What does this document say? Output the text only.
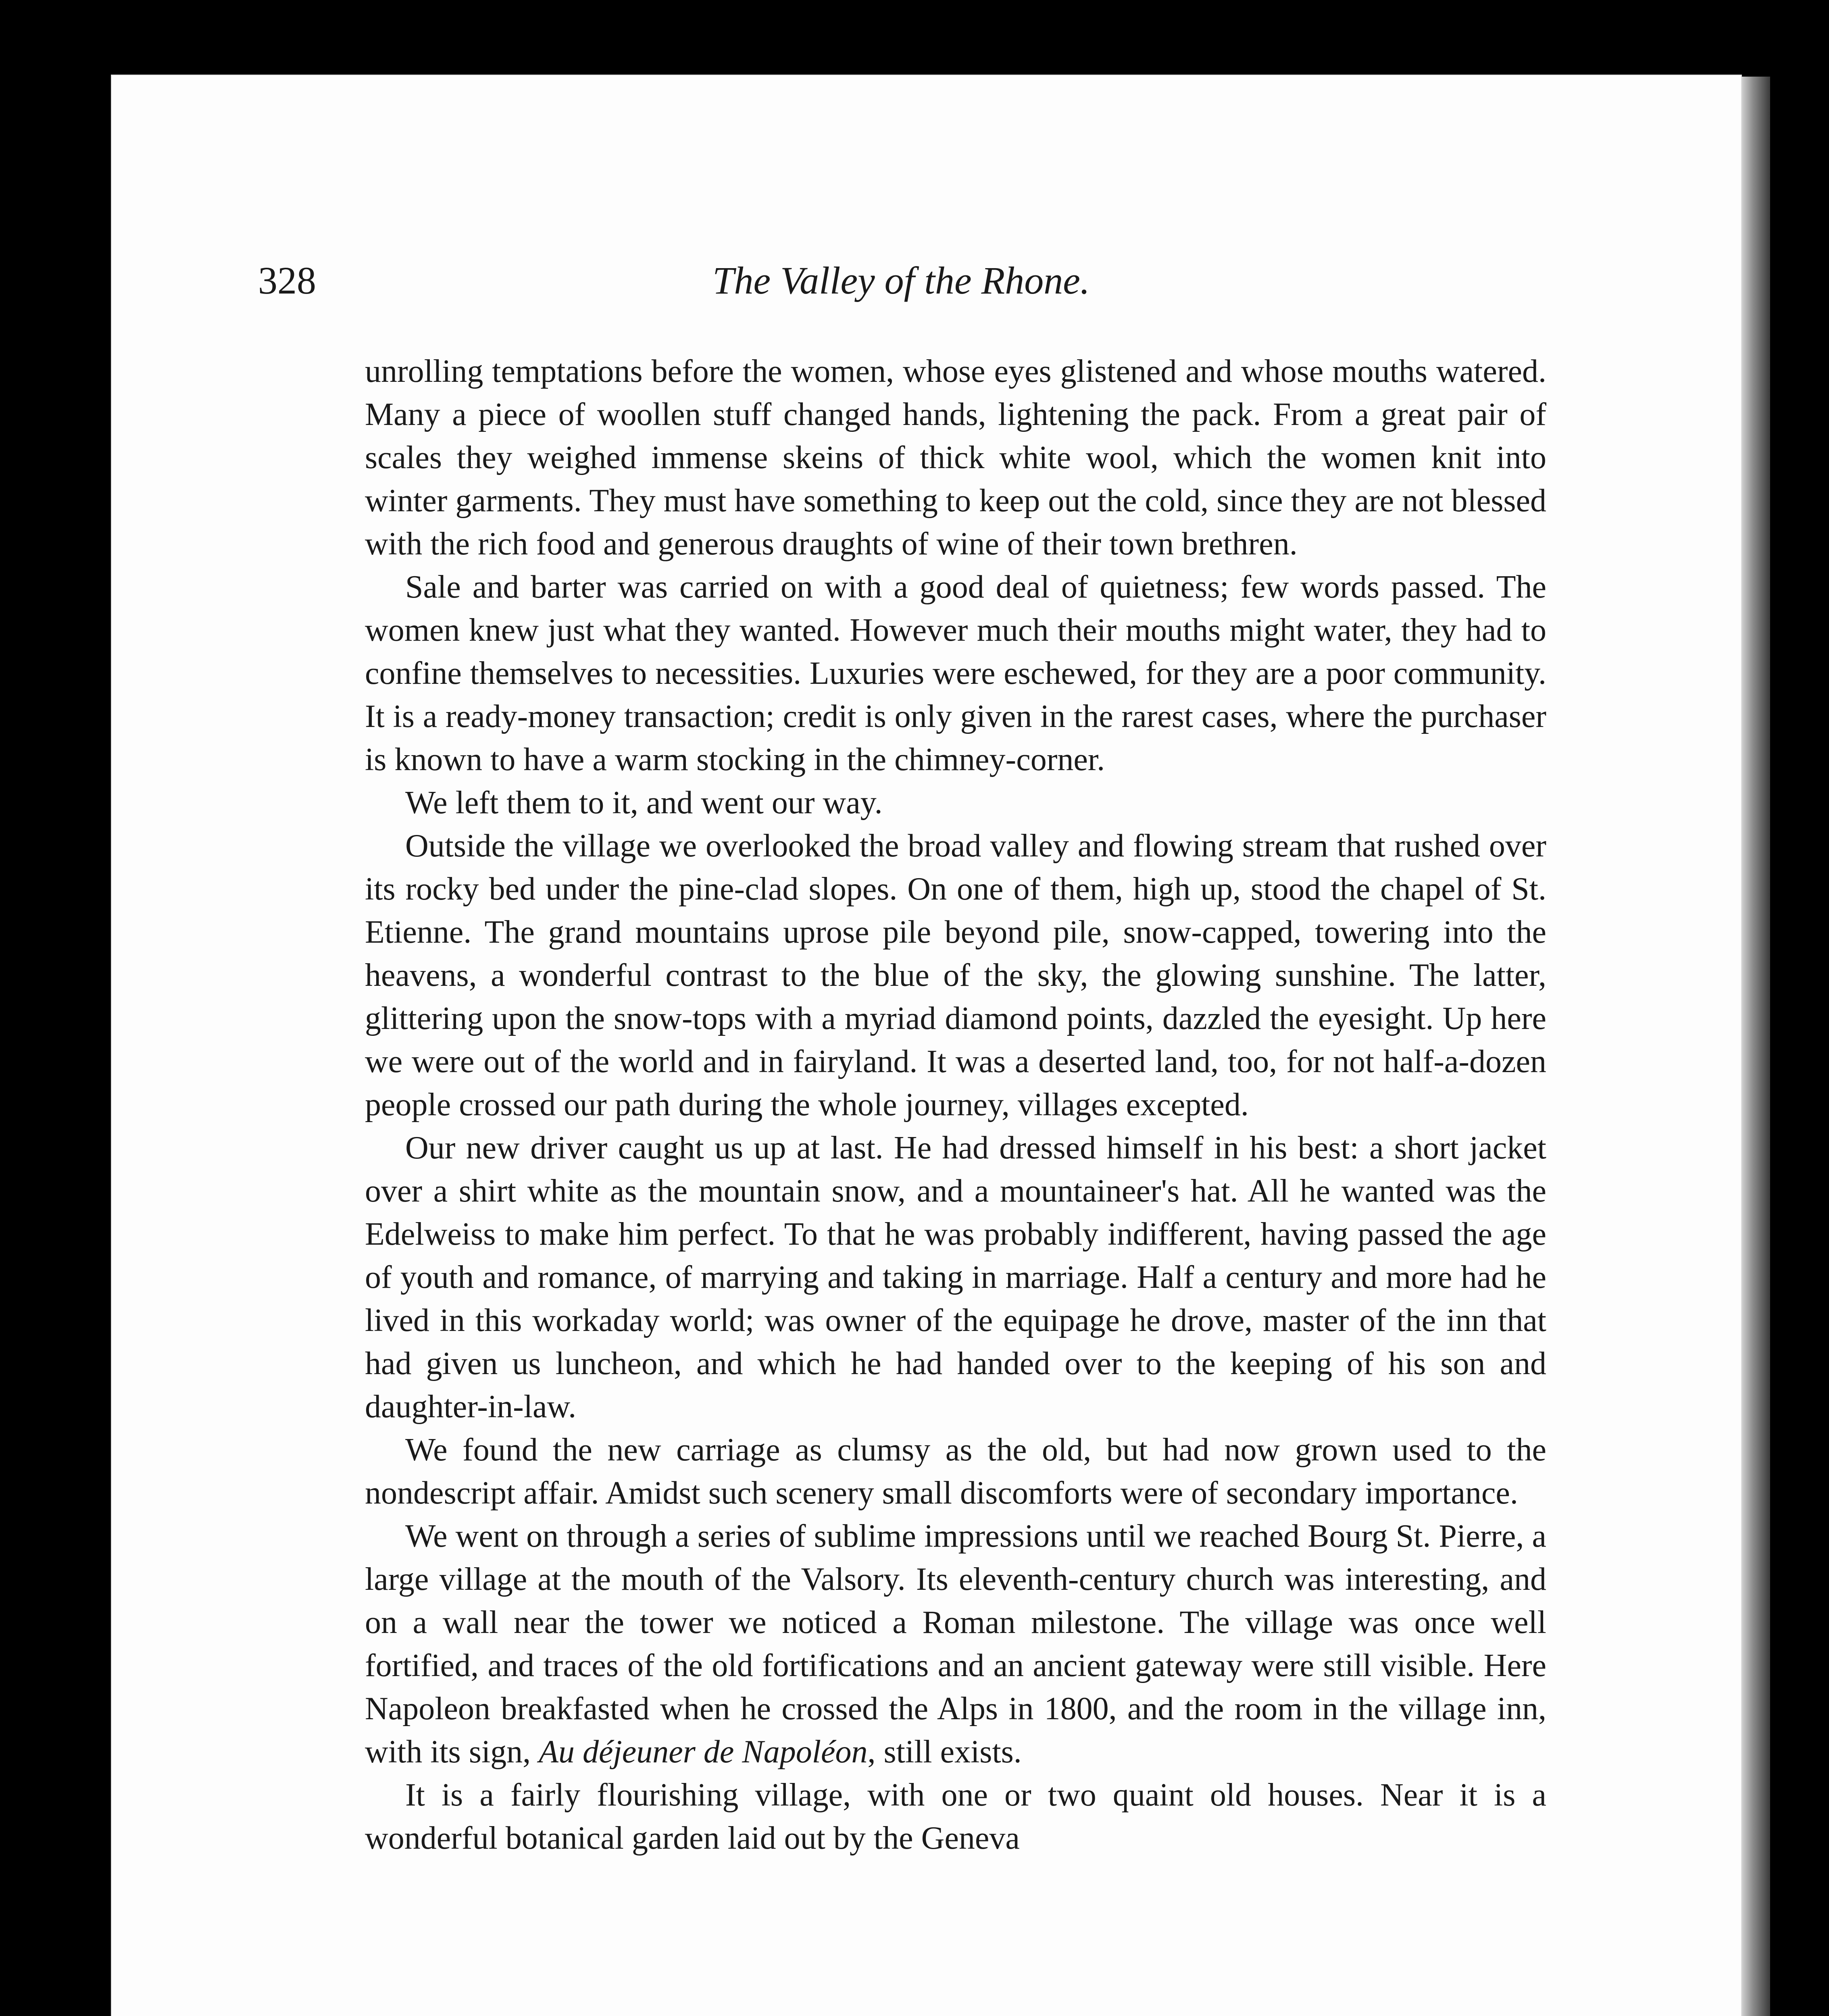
328	The Valley of the Rhone.

unrolling temptations before the women, whose eyes glistened and whose mouths watered. Many a piece of woollen stuff changed hands, lightening the pack. From a great pair of scales they weighed immense skeins of thick white wool, which the women knit into winter garments. They must have something to keep out the cold, since they are not blessed with the rich food and generous draughts of wine of their town brethren.

Sale and barter was carried on with a good deal of quietness; few words passed. The women knew just what they wanted. However much their mouths might water, they had to confine themselves to necessities. Luxuries were eschewed, for they are a poor community. It is a ready-money transaction; credit is only given in the rarest cases, where the purchaser is known to have a warm stocking in the chimney-corner.

We left them to it, and went our way.

Outside the village we overlooked the broad valley and flowing stream that rushed over its rocky bed under the pine-clad slopes. On one of them, high up, stood the chapel of St. Etienne. The grand mountains uprose pile beyond pile, snow-capped, towering into the heavens, a wonderful contrast to the blue of the sky, the glowing sunshine. The latter, glittering upon the snow-tops with a myriad diamond points, dazzled the eyesight. Up here we were out of the world and in fairyland. It was a deserted land, too, for not half-a-dozen people crossed our path during the whole journey, villages excepted.

Our new driver caught us up at last. He had dressed himself in his best: a short jacket over a shirt white as the mountain snow, and a mountaineer's hat. All he wanted was the Edelweiss to make him perfect. To that he was probably indifferent, having passed the age of youth and romance, of marrying and taking in marriage. Half a century and more had he lived in this workaday world; was owner of the equipage he drove, master of the inn that had given us luncheon, and which he had handed over to the keeping of his son and daughter-in-law.

We found the new carriage as clumsy as the old, but had now grown used to the nondescript affair. Amidst such scenery small discomforts were of secondary importance.

We went on through a series of sublime impressions until we reached Bourg St. Pierre, a large village at the mouth of the Valsory. Its eleventh-century church was interesting, and on a wall near the tower we noticed a Roman milestone. The village was once well fortified, and traces of the old fortifications and an ancient gateway were still visible. Here Napoleon breakfasted when he crossed the Alps in 1800, and the room in the village inn, with its sign, Au déjeuner de Napoléon, still exists.

It is a fairly flourishing village, with one or two quaint old houses. Near it is a wonderful botanical garden laid out by the Geneva
